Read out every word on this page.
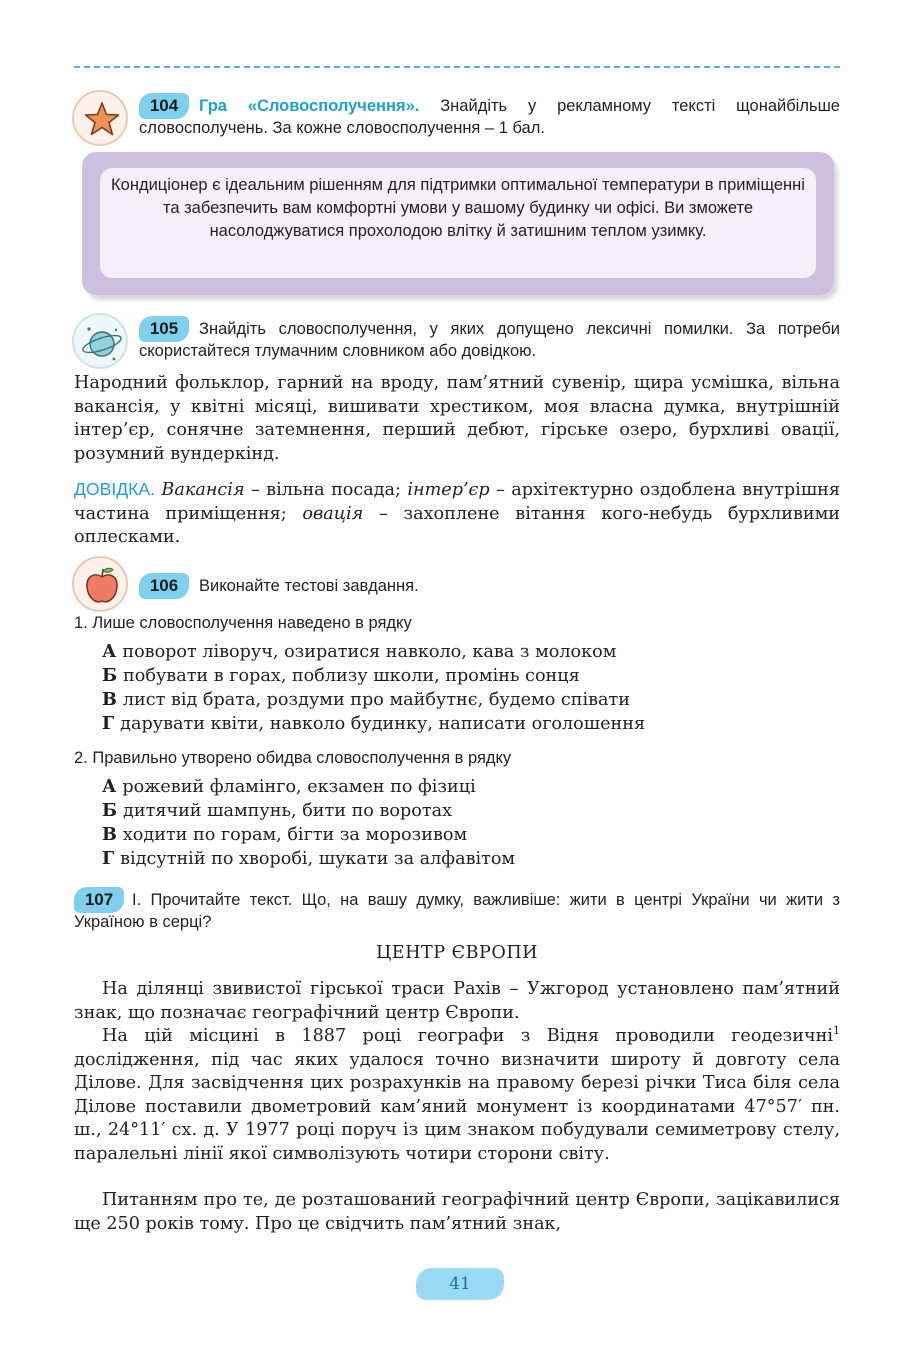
104	Гра «Словосполучення». Знайдіть у рекламному тексті щонайбільше словосполучень. За кожне словосполучення – 1 бал.
Кондиціонер є ідеальним рішенням для підтримки оптимальної температури в приміщенні та забезпечить вам комфортні умови у вашому будинку чи офісі. Ви зможете насолоджуватися прохолодою влітку й затишним теплом узимку.
105	Знайдіть словосполучення, у яких допущено лексичні помилки. За потреби скористайтеся тлумачним словником або довідкою.
Народний фольклор, гарний на вроду, пам’ятний сувенір, щира усмішка, вільна вакансія, у квітні місяці, вишивати хрестиком, моя власна думка, внутрішній інтер’єр, сонячне затемнення, перший дебют, гірське озеро, бурхливі овації, розумний вундеркінд.
ДОВІДКА. Вакансія – вільна посада; інтер’єр – архітектурно оздоблена внутрішня частина приміщення; овація – захоплене вітання кого-небудь бурхливими оплесками.
106	Виконайте тестові завдання.
1. Лише словосполучення наведено в рядку
А поворот ліворуч, озиратися навколо, кава з молоком
Б побувати в горах, поблизу школи, промінь сонця
В лист від брата, роздуми про майбутнє, будемо співати
Г дарувати квіти, навколо будинку, написати оголошення
2. Правильно утворено обидва словосполучення в рядку
А рожевий фламінго, екзамен по фізиці
Б дитячий шампунь, бити по воротах
В ходити по горам, бігти за морозивом
Г відсутній по хворобі, шукати за алфавітом
107	І. Прочитайте текст. Що, на вашу думку, важливіше: жити в центрі України чи жити з Україною в серці?
ЦЕНТР ЄВРОПИ
На ділянці звивистої гірської траси Рахів – Ужгород установлено пам’ятний знак, що позначає географічний центр Європи.
На цій місцині в 1887 році географи з Відня проводили геодезичні$^1$ дослідження, під час яких удалося точно визначити широту й довготу села Ділове. Для засвідчення цих розрахунків на правому березі річки Тиса біля села Ділове поставили двометровий кам’яний монумент із координатами 47°57′ пн. ш., 24°11′ сх. д. У 1977 році поруч із цим знаком побудували семиметрову стелу, паралельні лінії якої символізують чотири сторони світу.
Питанням про те, де розташований географічний центр Європи, зацікавилися ще 250 років тому. Про це свідчить пам’ятний знак,
41
